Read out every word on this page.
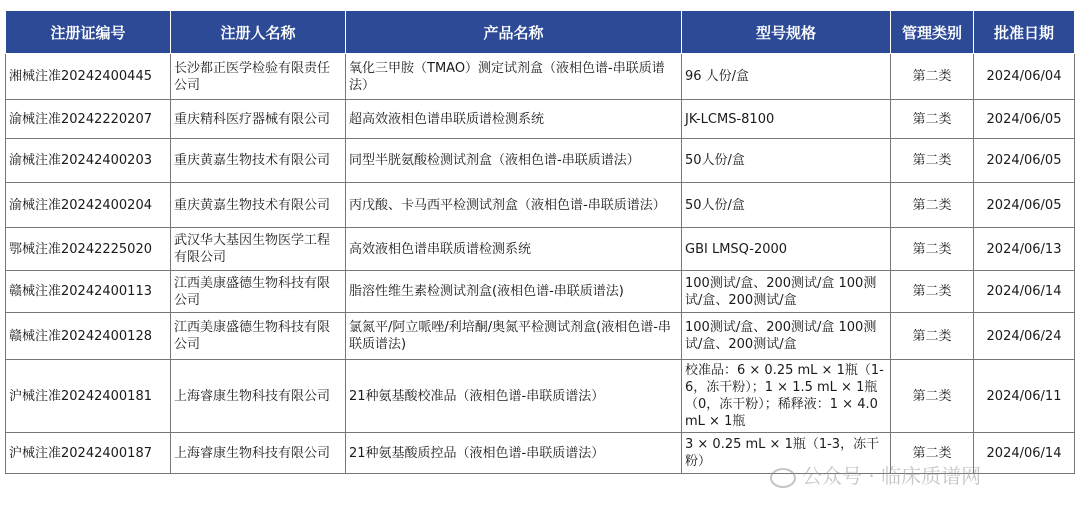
注册证编号	注册人名称	产品名称	型号规格	管理类别	批准日期
湘械注准20242400445	长沙都正医学检验有限责任公司	氧化三甲胺（TMAO）测定试剂盒（液相色谱-串联质谱法）	96 人份/盒	第二类	2024/06/04
渝械注准20242220207	重庆精科医疗器械有限公司	超高效液相色谱串联质谱检测系统	JK-LCMS-8100	第二类	2024/06/05
渝械注准20242400203	重庆黄嘉生物技术有限公司	同型半胱氨酸检测试剂盒（液相色谱-串联质谱法）	50人份/盒	第二类	2024/06/05
渝械注准20242400204	重庆黄嘉生物技术有限公司	丙戊酸、卡马西平检测试剂盒（液相色谱-串联质谱法）	50人份/盒	第二类	2024/06/05
鄂械注准20242225020	武汉华大基因生物医学工程有限公司	高效液相色谱串联质谱检测系统	GBI LMSQ-2000	第二类	2024/06/13
赣械注准20242400113	江西美康盛德生物科技有限公司	脂溶性维生素检测试剂盒(液相色谱-串联质谱法)	100测试/盒、200测试/盒 100测试/盒、200测试/盒	第二类	2024/06/14
赣械注准20242400128	江西美康盛德生物科技有限公司	氯氮平/阿立哌唑/利培酮/奥氮平检测试剂盒(液相色谱-串联质谱法)	100测试/盒、200测试/盒 100测试/盒、200测试/盒	第二类	2024/06/24
沪械注准20242400181	上海睿康生物科技有限公司	21种氨基酸校准品（液相色谱-串联质谱法）	校准品：6 × 0.25 mL × 1瓶（1-6，冻干粉）；1 × 1.5 mL × 1瓶（0，冻干粉）；稀释液：1 × 4.0 mL × 1瓶	第二类	2024/06/11
沪械注准20242400187	上海睿康生物科技有限公司	21种氨基酸质控品（液相色谱-串联质谱法）	3 × 0.25 mL × 1瓶（1-3，冻干粉）	第二类	2024/06/14
公众号 · 临床质谱网
